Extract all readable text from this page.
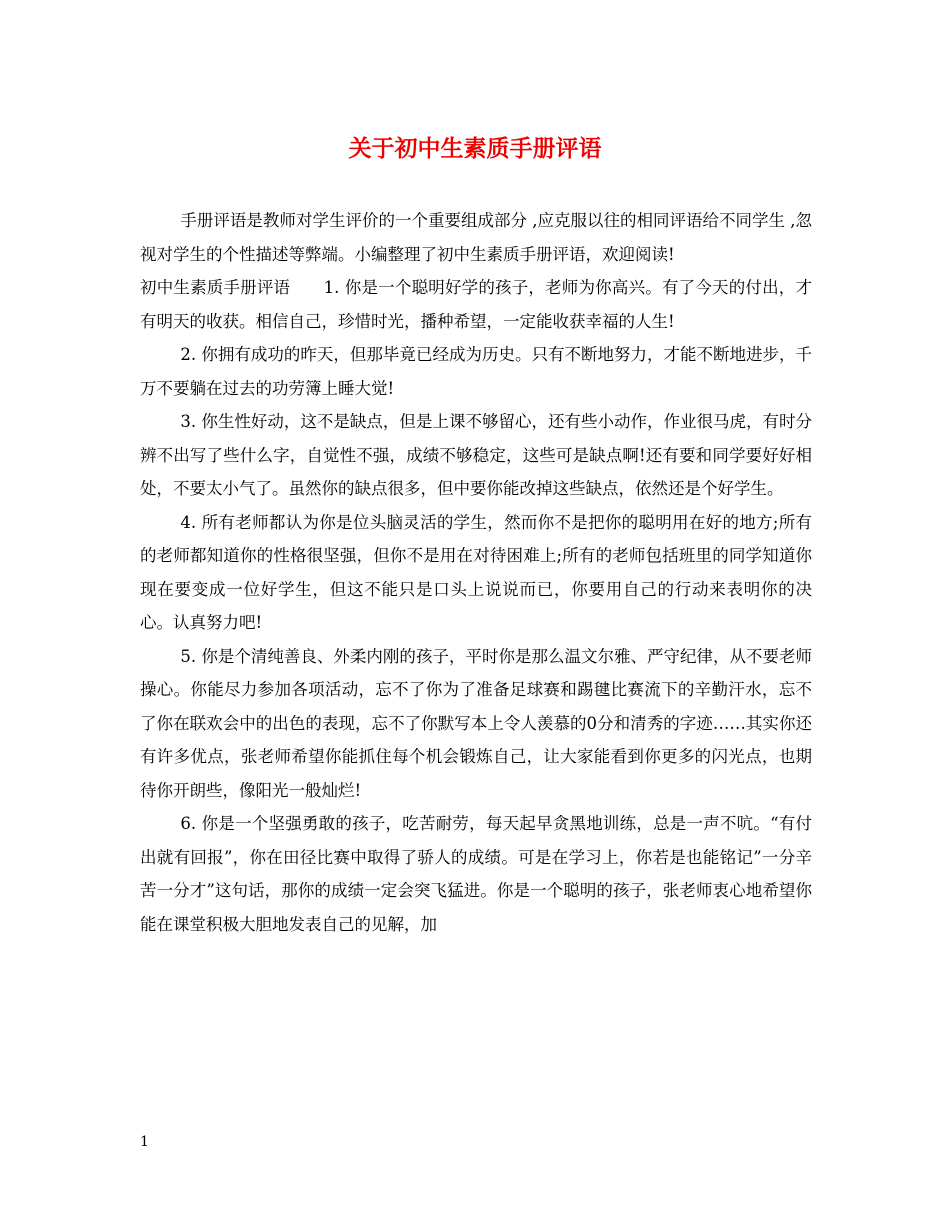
关于初中生素质手册评语

手册评语是教师对学生评价的一个重要组成部分 ,应克服以往的相同评语给不同学生 ,忽视对学生的个性描述等弊端。小编整理了初中生素质手册评语，欢迎阅读!

初中生素质手册评语　　1. 你是一个聪明好学的孩子，老师为你高兴。有了今天的付出，才有明天的收获。相信自己，珍惜时光，播种希望，一定能收获幸福的人生!

2. 你拥有成功的昨天，但那毕竟已经成为历史。只有不断地努力，才能不断地进步，千万不要躺在过去的功劳簿上睡大觉!

3. 你生性好动，这不是缺点，但是上课不够留心，还有些小动作，作业很马虎，有时分辨不出写了些什么字，自觉性不强，成绩不够稳定，这些可是缺点啊!还有要和同学要好好相处，不要太小气了。虽然你的缺点很多，但中要你能改掉这些缺点，依然还是个好学生。

4. 所有老师都认为你是位头脑灵活的学生，然而你不是把你的聪明用在好的地方;所有的老师都知道你的性格很坚强，但你不是用在对待困难上;所有的老师包括班里的同学知道你现在要变成一位好学生，但这不能只是口头上说说而已，你要用自己的行动来表明你的决心。认真努力吧!

5. 你是个清纯善良、外柔内刚的孩子，平时你是那么温文尔雅、严守纪律，从不要老师操心。你能尽力参加各项活动，忘不了你为了准备足球赛和踢毽比赛流下的辛勤汗水，忘不了你在联欢会中的出色的表现，忘不了你默写本上令人羡慕的0分和清秀的字迹……其实你还有许多优点，张老师希望你能抓住每个机会锻炼自己，让大家能看到你更多的闪光点，也期待你开朗些，像阳光一般灿烂!

6. 你是一个坚强勇敢的孩子，吃苦耐劳，每天起早贪黑地训练，总是一声不吭。“有付出就有回报”，你在田径比赛中取得了骄人的成绩。可是在学习上，你若是也能铭记”一分辛苦一分才”这句话，那你的成绩一定会突飞猛进。你是一个聪明的孩子，张老师衷心地希望你能在课堂积极大胆地发表自己的见解，加

1
